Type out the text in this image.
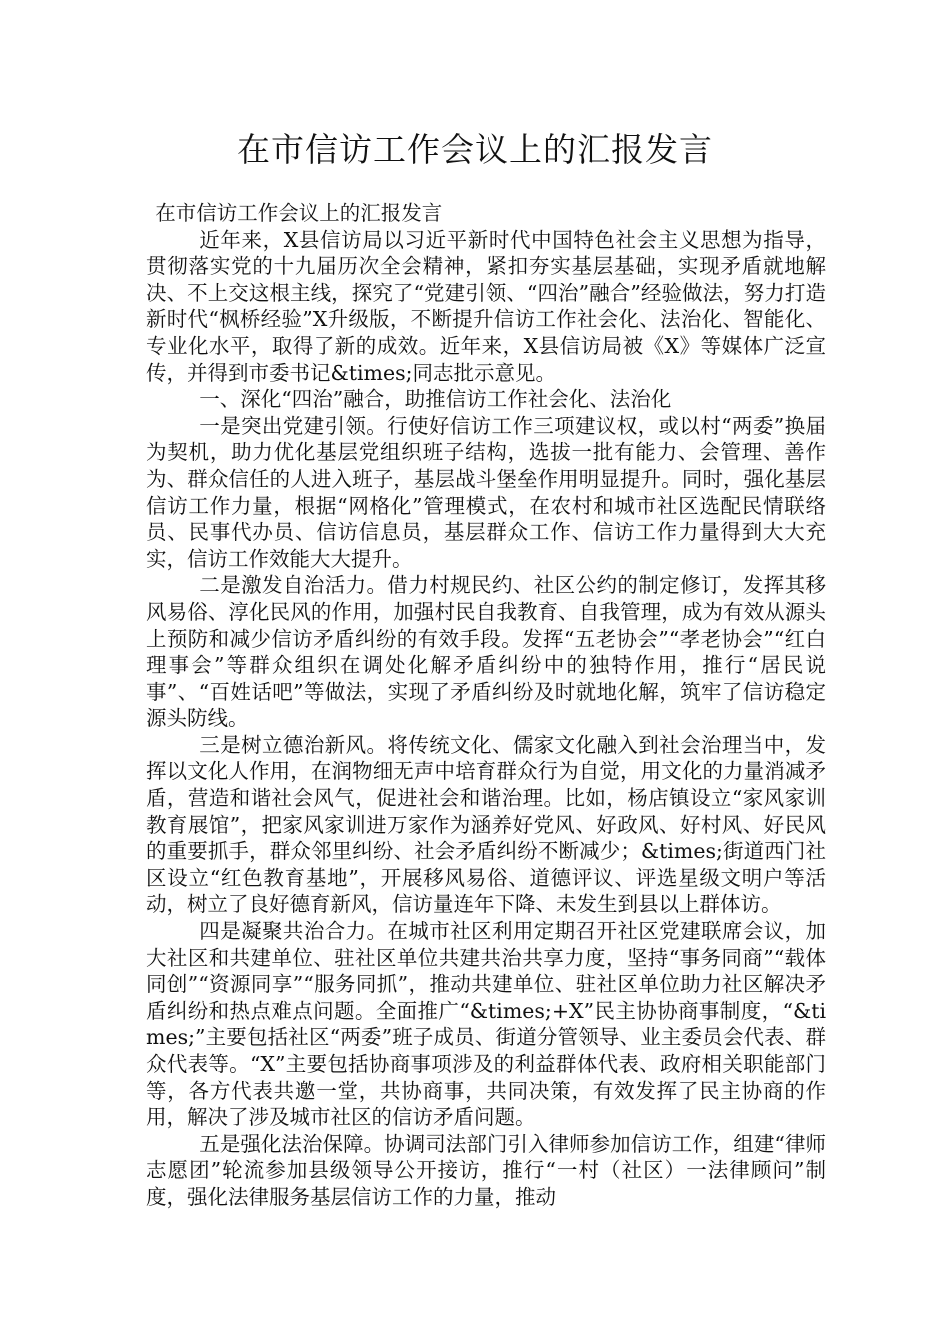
在市信访工作会议上的汇报发言

在市信访工作会议上的汇报发言

近年来，X县信访局以习近平新时代中国特色社会主义思想为指导，贯彻落实党的十九届历次全会精神，紧扣夯实基层基础，实现矛盾就地解决、不上交这根主线，探究了“党建引领、“四治”融合”经验做法，努力打造新时代“枫桥经验”X升级版，不断提升信访工作社会化、法治化、智能化、专业化水平，取得了新的成效。近年来，X县信访局被《X》等媒体广泛宣传，并得到市委书记&times;同志批示意见。

一、深化“四治”融合，助推信访工作社会化、法治化

一是突出党建引领。行使好信访工作三项建议权，或以村“两委”换届为契机，助力优化基层党组织班子结构，选拔一批有能力、会管理、善作为、群众信任的人进入班子，基层战斗堡垒作用明显提升。同时，强化基层信访工作力量，根据“网格化”管理模式，在农村和城市社区选配民情联络员、民事代办员、信访信息员，基层群众工作、信访工作力量得到大大充实，信访工作效能大大提升。

二是激发自治活力。借力村规民约、社区公约的制定修订，发挥其移风易俗、淳化民风的作用，加强村民自我教育、自我管理，成为有效从源头上预防和减少信访矛盾纠纷的有效手段。发挥“五老协会”“孝老协会”“红白理事会”等群众组织在调处化解矛盾纠纷中的独特作用，推行“居民说事”、“百姓话吧”等做法，实现了矛盾纠纷及时就地化解，筑牢了信访稳定源头防线。

三是树立德治新风。将传统文化、儒家文化融入到社会治理当中，发挥以文化人作用，在润物细无声中培育群众行为自觉，用文化的力量消减矛盾，营造和谐社会风气，促进社会和谐治理。比如，杨店镇设立“家风家训教育展馆”，把家风家训进万家作为涵养好党风、好政风、好村风、好民风的重要抓手，群众邻里纠纷、社会矛盾纠纷不断减少；&times;街道西门社区设立“红色教育基地”，开展移风易俗、道德评议、评选星级文明户等活动，树立了良好德育新风，信访量连年下降、未发生到县以上群体访。

四是凝聚共治合力。在城市社区利用定期召开社区党建联席会议，加大社区和共建单位、驻社区单位共建共治共享力度，坚持“事务同商”“载体同创”“资源同享”“服务同抓”，推动共建单位、驻社区单位助力社区解决矛盾纠纷和热点难点问题。全面推广“&times;+X”民主协协商事制度，“&times;”主要包括社区“两委”班子成员、街道分管领导、业主委员会代表、群众代表等。“X”主要包括协商事项涉及的利益群体代表、政府相关职能部门等，各方代表共邀一堂，共协商事，共同决策，有效发挥了民主协商的作用，解决了涉及城市社区的信访矛盾问题。

五是强化法治保障。协调司法部门引入律师参加信访工作，组建“律师志愿团”轮流参加县级领导公开接访，推行“一村（社区）一法律顾问”制度，强化法律服务基层信访工作的力量，推动
